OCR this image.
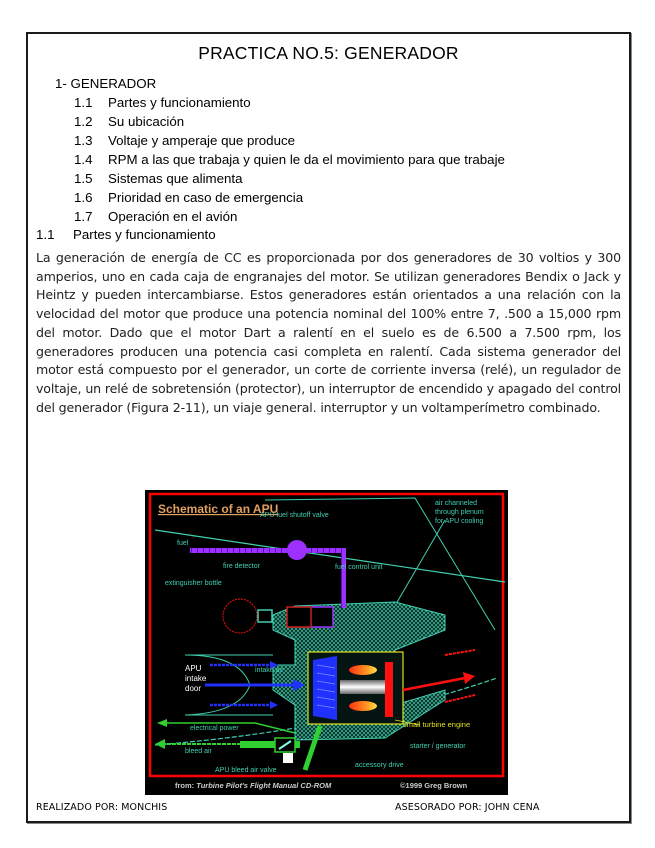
PRACTICA NO.5: GENERADOR
1- GENERADOR
1.1	Partes y funcionamiento
1.2	Su ubicación
1.3	Voltaje y amperaje que produce
1.4	RPM a las que trabaja y quien le da el movimiento para que trabaje
1.5	Sistemas que alimenta
1.6	Prioridad en caso de emergencia
1.7	Operación en el avión
1.1 Partes y funcionamiento
La generación de energía de CC es proporcionada por dos generadores de 30 voltios y 300 amperios, uno en cada caja de engranajes del motor. Se utilizan generadores Bendix o Jack y Heintz y pueden intercambiarse. Estos generadores están orientados a una relación con la velocidad del motor que produce una potencia nominal del 100% entre 7, .500 a 15,000 rpm del motor. Dado que el motor Dart a ralentí en el suelo es de 6.500 a 7.500 rpm, los generadores producen una potencia casi completa en ralentí. Cada sistema generador del motor está compuesto por el generador, un corte de corriente inversa (relé), un regulador de voltaje, un relé de sobretensión (protector), un interruptor de encendido y apagado del control del generador (Figura 2-11), un viaje general. interruptor y un voltamperímetro combinado.
Schematic of an APU
APU fuel shutoff valve
fuel
fire detector
extinguisher bottle
fuel control unit
air channeled
through plenum
for APU cooling
intake air
electrical power
bleed air
starter / generator
accessory drive
APU bleed air valve
APU
intake
door
small turbine engine
from: Turbine Pilot's Flight Manual CD-ROM	©1999 Greg Brown
REALIZADO POR: MONCHIS	ASESORADO POR: JOHN CENA
